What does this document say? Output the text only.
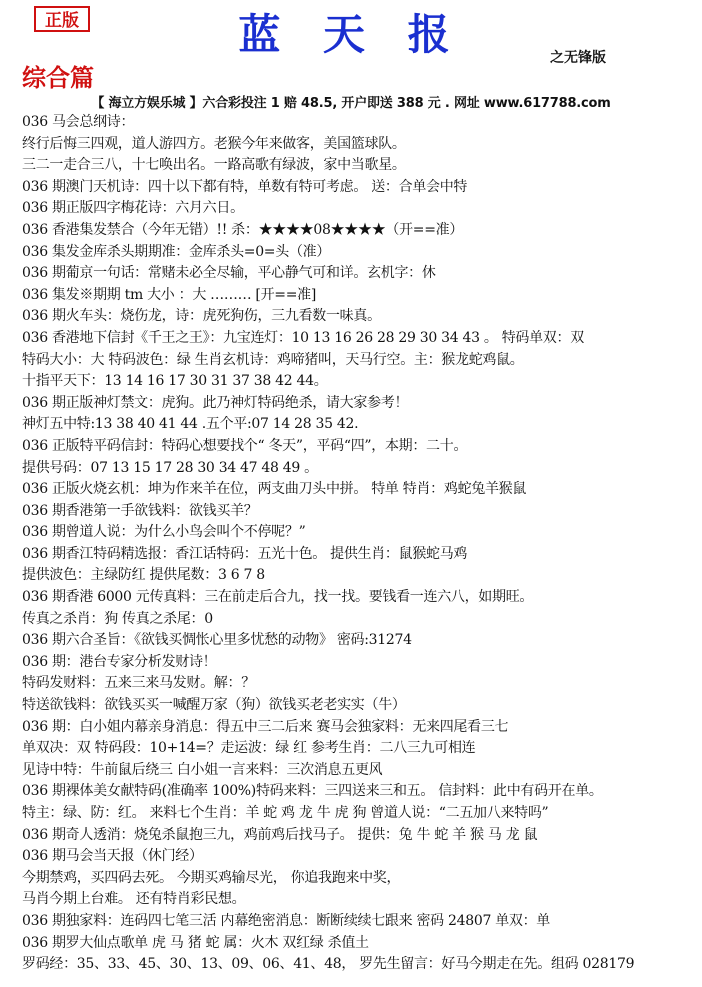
正版	蓝 天 报	之无锋版
综合篇
【 海立方娱乐城 】六合彩投注 1 赔 48.5, 开户即送 388 元 . 网址 www.617788.com
036 马会总纲诗：
终行后悔三四观，道人游四方。老猴今年来做客，美国篮球队。
三二一走合三八，十七唤出名。一路高歌有绿波，家中当歌星。
036 期澳门天机诗：四十以下都有特，单数有特可考虑。 送：合单会中特
036 期正版四字梅花诗：六月六日。
036 香港集发禁合（今年无错）!! 杀：★★★★08★★★★（开==准）
036 集发金库杀头期期准：金库杀头=0=头（准）
036 期葡京一句话：常赌未必全尽输，平心静气可和详。玄机字：休
036 集发※期期 tm 大小 ：大 ……… [开==准]
036 期火车头：烧伤龙，诗：虎死狗伤，三九看数一味真。
036 香港地下信封《千王之王》：九宝连灯：10 13 16 26 28 29 30 34 43 。 特码单双：双
特码大小：大 特码波色：绿 生肖玄机诗：鸡啼猪叫，天马行空。主：猴龙蛇鸡鼠。
十指平天下：13 14 16 17 30 31 37 38 42 44。
036 期正版神灯禁文：虎狗。此乃神灯特码绝杀，请大家参考！
神灯五中特:13 38 40 41 44 .五个平:07 14 28 35 42.
036 正版特平码信封：特码心想要找个“ 冬天”，平码“四”，本期：二十。
提供号码：07 13 15 17 28 30 34 47 48 49 。
036 正版火烧玄机：坤为作来羊在位，两支曲刀头中拼。 特单 特肖：鸡蛇兔羊猴鼠
036 期香港第一手欲钱料：欲钱买羊？
036 期曾道人说：为什么小鸟会叫个不停呢？”
036 期香江特码精选报：香江话特码：五光十色。 提供生肖：鼠猴蛇马鸡
提供波色：主绿防红 提供尾数：3 6 7 8
036 期香港 6000 元传真料：三在前走后合九，找一找。要钱看一连六八，如期旺。
传真之杀肖：狗 传真之杀尾：0
036 期六合圣旨：《欲钱买惆怅心里多忧愁的动物》 密码:31274
036 期：港台专家分析发财诗！
特码发财料：五来三来马发财。解：？
特送欲钱料：欲钱买买一喊醒万家（狗）欲钱买老老实实（牛）
036 期：白小姐内幕亲身消息：得五中三二后来 赛马会独家料：无来四尾看三七
单双决：双 特码段：10+14=？走运波：绿 红 参考生肖：二八三九可相连
见诗中特：牛前鼠后绕三 白小姐一言来料：三次消息五更风
036 期裸体美女献特码(准确率 100%)特码来料：三四送来三和五。 信封料：此中有码开在单。
特主：绿、防：红。 来料七个生肖：羊 蛇 鸡 龙 牛 虎 狗 曾道人说：“二五加八来特吗”
036 期奇人透消：烧兔杀鼠抱三九，鸡前鸡后找马子。 提供：兔 牛 蛇 羊 猴 马 龙 鼠
036 期马会当天报（休门经）
今期禁鸡，买四码去死。 今期买鸡输尽光， 你追我跑来中奖，
马肖今期上台难。 还有特肖彩民想。
036 期独家料：连码四七笔三活 内幕绝密消息：断断续续七跟来 密码 24807 单双：单
036 期罗大仙点歌单 虎 马 猪 蛇 属：火木 双红绿 杀值土
罗码经：35、33、45、30、13、09、06、41、48， 罗先生留言：好马今期走在先。组码 028179
